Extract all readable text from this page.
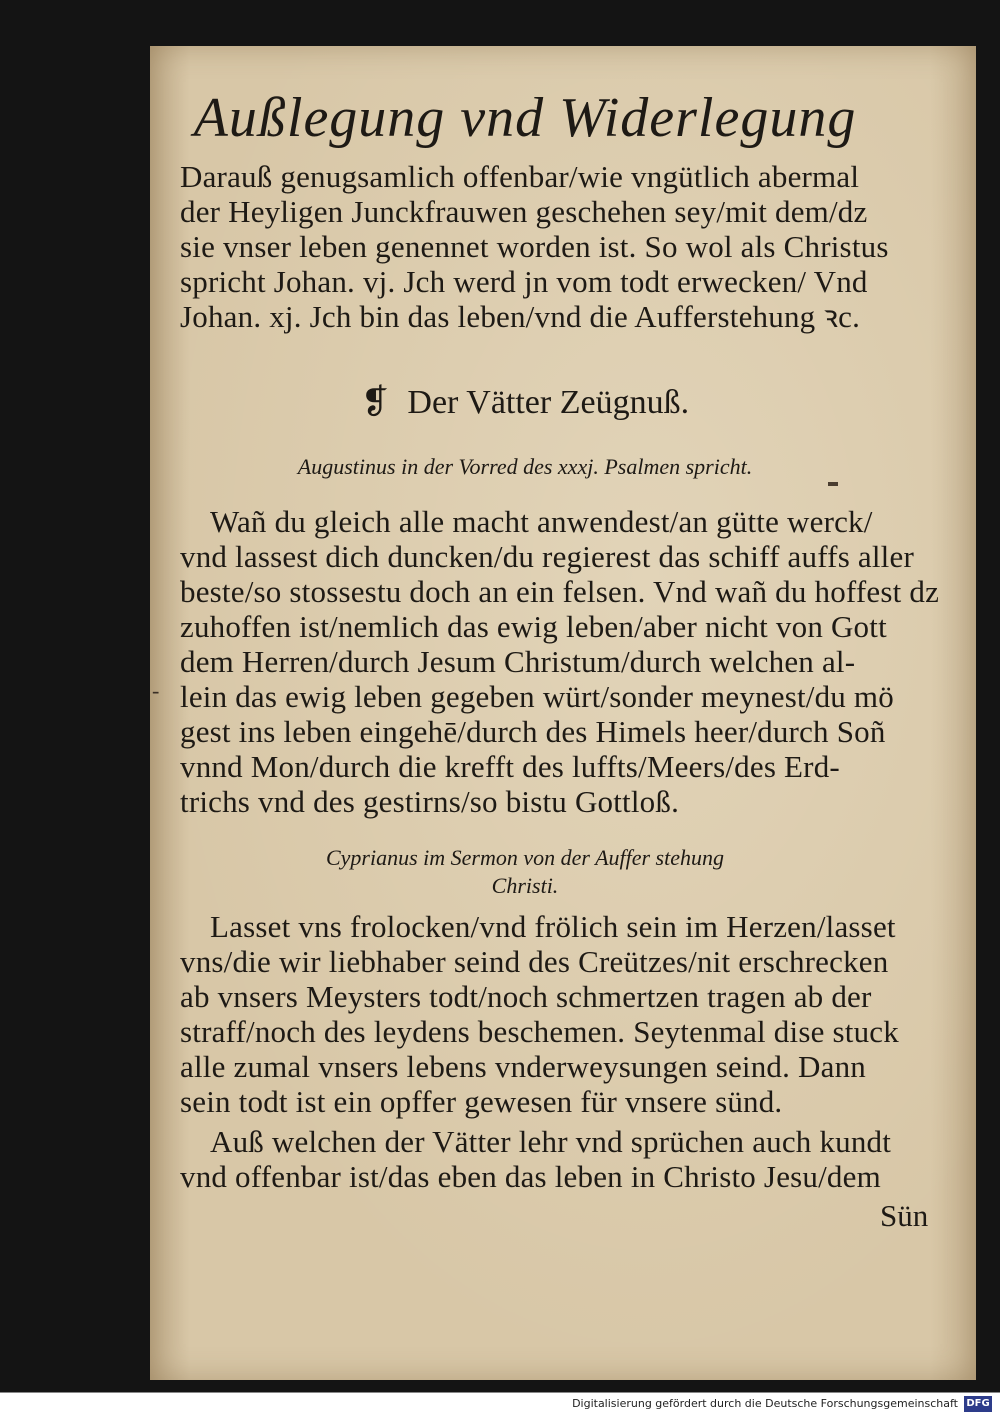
Außlegung vnd Widerlegung
Darauß genugsamlich offenbar/wie vngütlich abermal
der Heyligen Junckfrauwen geschehen sey/mit dem/dz
sie vnser leben genennet worden ist. So wol als Christus
spricht Johan. vj. Jch werd jn vom todt erwecken/ Vnd
Johan. xj. Jch bin das leben/vnd die Aufferstehung ꝛc.
❡ Der Vätter Zeügnuß.
Augustinus in der Vorred des xxxj. Psalmen spricht.
Wañ du gleich alle macht anwendest/an gütte werck/
vnd lassest dich duncken/du regierest das schiff auffs aller
beste/so stossestu doch an ein felsen. Vnd wañ du hoffest dz
zuhoffen ist/nemlich das ewig leben/aber nicht von Gott
dem Herren/durch Jesum Christum/durch welchen al-
lein das ewig leben gegeben würt/sonder meynest/du mö
gest ins leben eingehē/durch des Himels heer/durch Soñ
vnnd Mon/durch die krefft des luffts/Meers/des Erd-
trichs vnd des gestirns/so bistu Gottloß.
-
Cyprianus im Sermon von der Auffer stehung
Christi.
Lasset vns frolocken/vnd frölich sein im Herzen/lasset
vns/die wir liebhaber seind des Creützes/nit erschrecken
ab vnsers Meysters todt/noch schmertzen tragen ab der
straff/noch des leydens beschemen. Seytenmal dise stuck
alle zumal vnsers lebens vnderweysungen seind. Dann
sein todt ist ein opffer gewesen für vnsere sünd.
Auß welchen der Vätter lehr vnd sprüchen auch kundt
vnd offenbar ist/das eben das leben in Christo Jesu/dem
Sün
Digitalisierung gefördert durch die Deutsche Forschungsgemeinschaft DFG
